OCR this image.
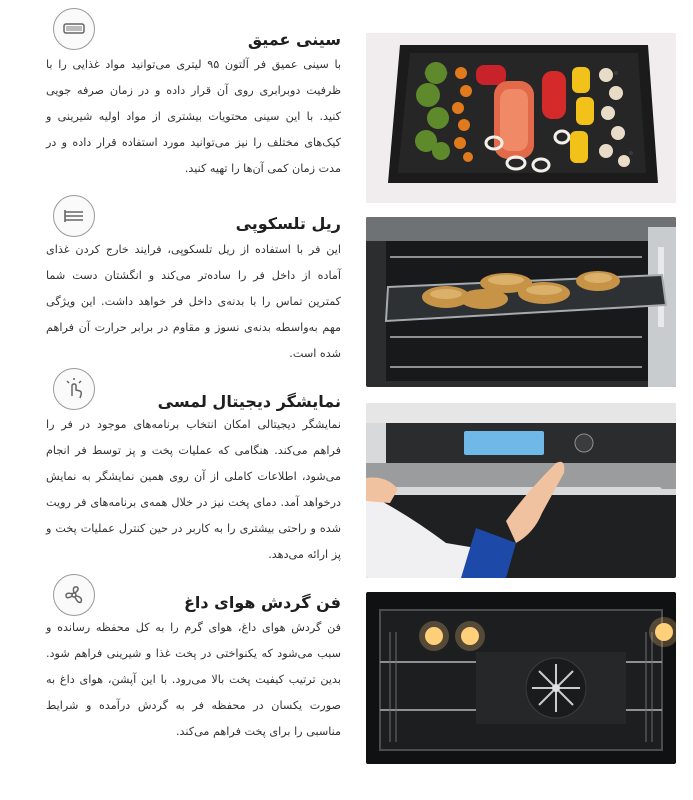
سینی عمیق
با سینی عمیق فر آلتون ۹۵ لیتری می‌توانید مواد غذایی را با ظرفیت دوبرابری روی آن قرار داده و در زمان صرفه جویی کنید. با این سینی محتویات بیشتری از مواد اولیه شیرینی و کیک‌های مختلف را نیز می‌توانید مورد استفاده قرار داده و در مدت زمان کمی آن‌ها را تهیه کنید.
ریل تلسکوپی
این فر با استفاده از ریل تلسکوپی، فرایند خارج کردن غذای آماده از داخل فر را ساده‌تر می‌کند و انگشتان دست شما کمترین تماس را با بدنه‌ی داخل فر خواهد داشت. این ویژگی مهم به‌واسطه بدنه‌ی نسوز و مقاوم در برابر حرارت آن فراهم شده است.
نمایشگر دیجیتال لمسی
نمایشگر دیجیتالی امکان انتخاب برنامه‌های موجود در فر را فراهم می‌کند. هنگامی که عملیات پخت و پز توسط فر انجام می‌شود، اطلاعات کاملی از آن روی همین نمایشگر به نمایش درخواهد آمد. دمای پخت نیز در خلال همه‌ی برنامه‌های فر رویت شده و راحتی بیشتری را به کاربر در حین کنترل عملیات پخت و پز ارائه می‌دهد.
فن گردش هوای داغ
فن گردش هوای داغ، هوای گرم را به کل محفظه رسانده و سبب می‌شود که یکنواختی در پخت غذا و شیرینی فراهم شود. بدین ترتیب کیفیت پخت بالا می‌رود. با این آپشن، هوای داغ به صورت یکسان در محفظه فر به گردش درآمده و شرایط مناسبی را برای پخت فراهم می‌کند.
